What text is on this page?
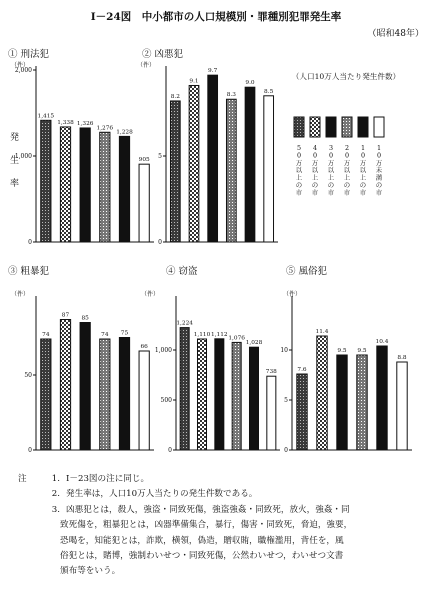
Ⅰ－24図　中小都市の人口規模別・罪種別犯罪発生率
（昭和48年）
発
生
率
① 刑法犯
（件）
0
1,000
2,000
1,415
1,338 1,326
1,276
1,228
905
② 凶悪犯
（件）
0
5
8.2
9.1
9.7
8.3
9.0
8.5
③ 粗暴犯
（件）
0
50
74
87 85
74 75
66
④ 窃盗
（件）
0
500
1,000
1,224
1,110 1,112
1,076
1,028
738
⑤ 風俗犯
（件）
0
5
10
7.6
11.4
9.5 9.5
10.4
8.8
（人口10万人当たり発生件数）
5 0 万以上の市
4 0 万以上の市
3 0 万以上の市
2 0 万以上の市
1 0 万以上の市
1 0 万未満の市
注	1. Ⅰ－23図の注に同じ。
2. 発生率は，人口10万人当たりの発生件数である。
3. 凶悪犯とは，殺人，強盗・同致死傷，強盗強姦・同致死，放火，強姦・同
致死傷を，粗暴犯とは，凶器準備集合，暴行，傷害・同致死，脅迫，強要，
恐喝を，知能犯とは，詐欺，横領，偽造，贈収賄，職権濫用，背任を，風
俗犯とは，賭博，強制わいせつ・同致死傷，公然わいせつ，わいせつ文書
頒布等をいう。
